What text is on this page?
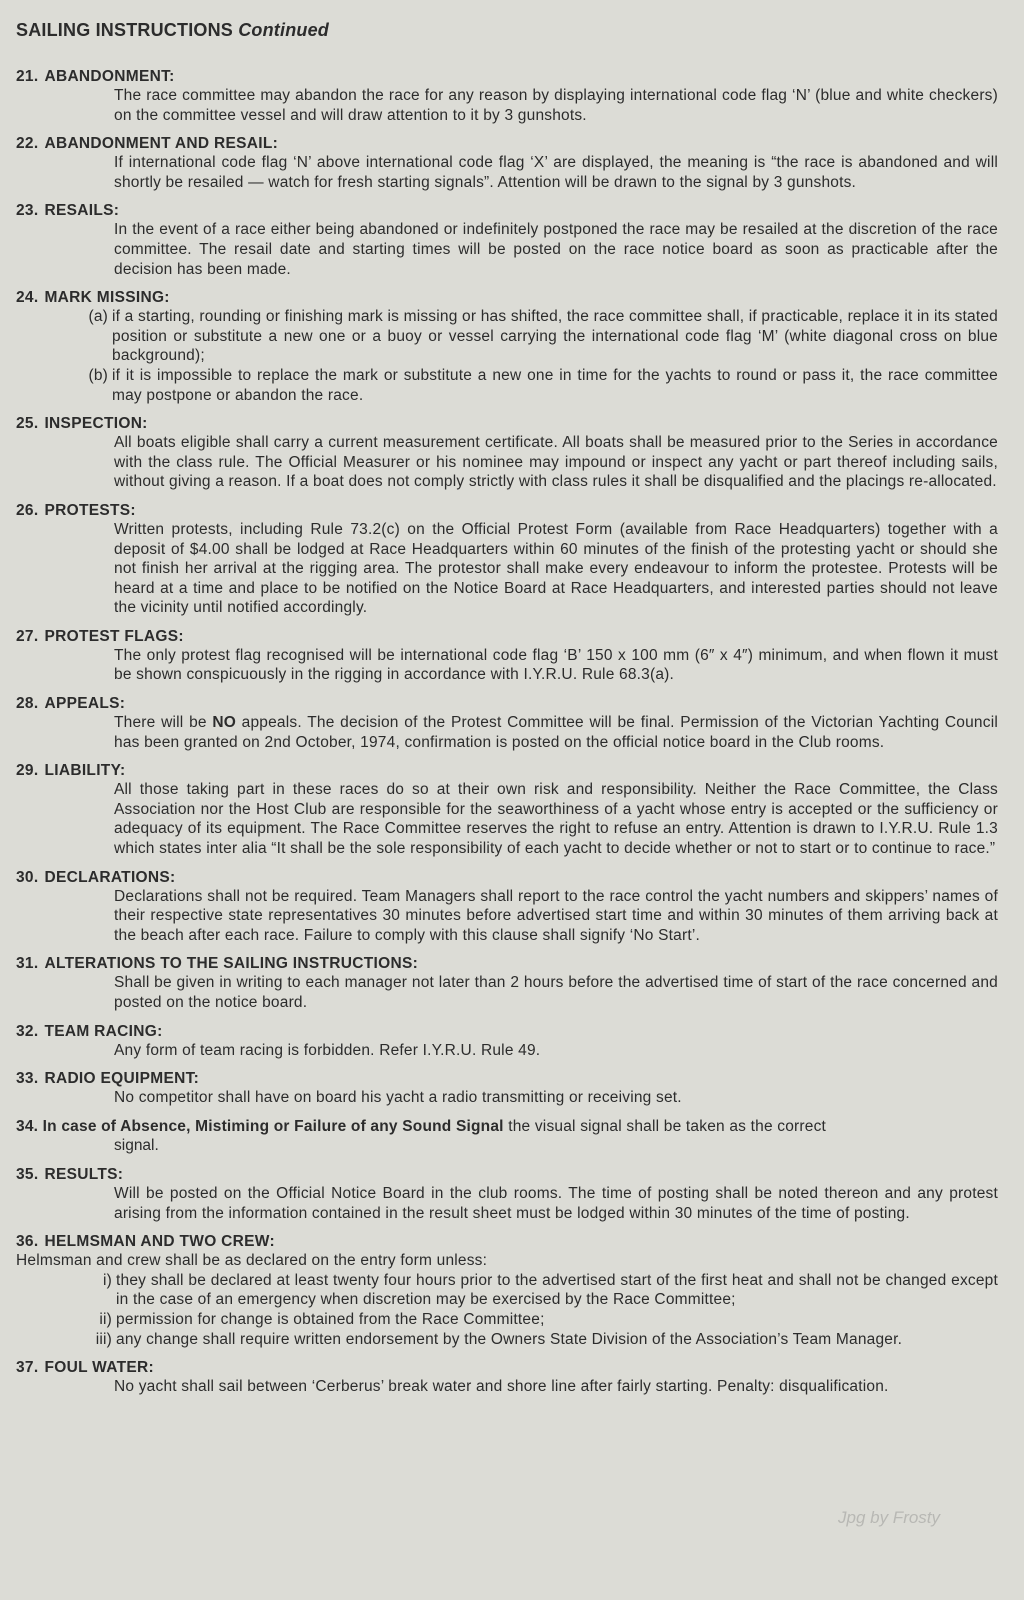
SAILING INSTRUCTIONS Continued
21. ABANDONMENT:
The race committee may abandon the race for any reason by displaying international code flag ‘N’ (blue and white checkers) on the committee vessel and will draw attention to it by 3 gunshots.
22. ABANDONMENT AND RESAIL:
If international code flag ‘N’ above international code flag ‘X’ are displayed, the meaning is “the race is abandoned and will shortly be resailed — watch for fresh starting signals”. Attention will be drawn to the signal by 3 gunshots.
23. RESAILS:
In the event of a race either being abandoned or indefinitely postponed the race may be resailed at the discretion of the race committee. The resail date and starting times will be posted on the race notice board as soon as practicable after the decision has been made.
24. MARK MISSING:
(a) if a starting, rounding or finishing mark is missing or has shifted, the race committee shall, if practicable, replace it in its stated position or substitute a new one or a buoy or vessel carrying the international code flag ‘M’ (white diagonal cross on blue background);
(b) if it is impossible to replace the mark or substitute a new one in time for the yachts to round or pass it, the race committee may postpone or abandon the race.
25. INSPECTION:
All boats eligible shall carry a current measurement certificate. All boats shall be measured prior to the Series in accordance with the class rule. The Official Measurer or his nominee may impound or inspect any yacht or part thereof including sails, without giving a reason. If a boat does not comply strictly with class rules it shall be disqualified and the placings re-allocated.
26. PROTESTS:
Written protests, including Rule 73.2(c) on the Official Protest Form (available from Race Headquarters) together with a deposit of $4.00 shall be lodged at Race Headquarters within 60 minutes of the finish of the protesting yacht or should she not finish her arrival at the rigging area. The protestor shall make every endeavour to inform the protestee. Protests will be heard at a time and place to be notified on the Notice Board at Race Headquarters, and interested parties should not leave the vicinity until notified accordingly.
27. PROTEST FLAGS:
The only protest flag recognised will be international code flag ‘B’ 150 x 100 mm (6″ x 4″) minimum, and when flown it must be shown conspicuously in the rigging in accordance with I.Y.R.U. Rule 68.3(a).
28. APPEALS:
There will be NO appeals. The decision of the Protest Committee will be final. Permission of the Victorian Yachting Council has been granted on 2nd October, 1974, confirmation is posted on the official notice board in the Club rooms.
29. LIABILITY:
All those taking part in these races do so at their own risk and responsibility. Neither the Race Committee, the Class Association nor the Host Club are responsible for the seaworthiness of a yacht whose entry is accepted or the sufficiency or adequacy of its equipment. The Race Committee reserves the right to refuse an entry. Attention is drawn to I.Y.R.U. Rule 1.3 which states inter alia “It shall be the sole responsibility of each yacht to decide whether or not to start or to continue to race.”
30. DECLARATIONS:
Declarations shall not be required. Team Managers shall report to the race control the yacht numbers and skippers’ names of their respective state representatives 30 minutes before advertised start time and within 30 minutes of them arriving back at the beach after each race. Failure to comply with this clause shall signify ‘No Start’.
31. ALTERATIONS TO THE SAILING INSTRUCTIONS:
Shall be given in writing to each manager not later than 2 hours before the advertised time of start of the race concerned and posted on the notice board.
32. TEAM RACING:
Any form of team racing is forbidden. Refer I.Y.R.U. Rule 49.
33. RADIO EQUIPMENT:
No competitor shall have on board his yacht a radio transmitting or receiving set.
34. In case of Absence, Mistiming or Failure of any Sound Signal the visual signal shall be taken as the correct
signal.
35. RESULTS:
Will be posted on the Official Notice Board in the club rooms. The time of posting shall be noted thereon and any protest arising from the information contained in the result sheet must be lodged within 30 minutes of the time of posting.
36. HELMSMAN AND TWO CREW:
Helmsman and crew shall be as declared on the entry form unless:
i) they shall be declared at least twenty four hours prior to the advertised start of the first heat and shall not be changed except in the case of an emergency when discretion may be exercised by the Race Committee;
ii) permission for change is obtained from the Race Committee;
iii) any change shall require written endorsement by the Owners State Division of the Association’s Team Manager.
37. FOUL WATER:
No yacht shall sail between ‘Cerberus’ break water and shore line after fairly starting. Penalty: disqualification.
Jpg by Frosty
